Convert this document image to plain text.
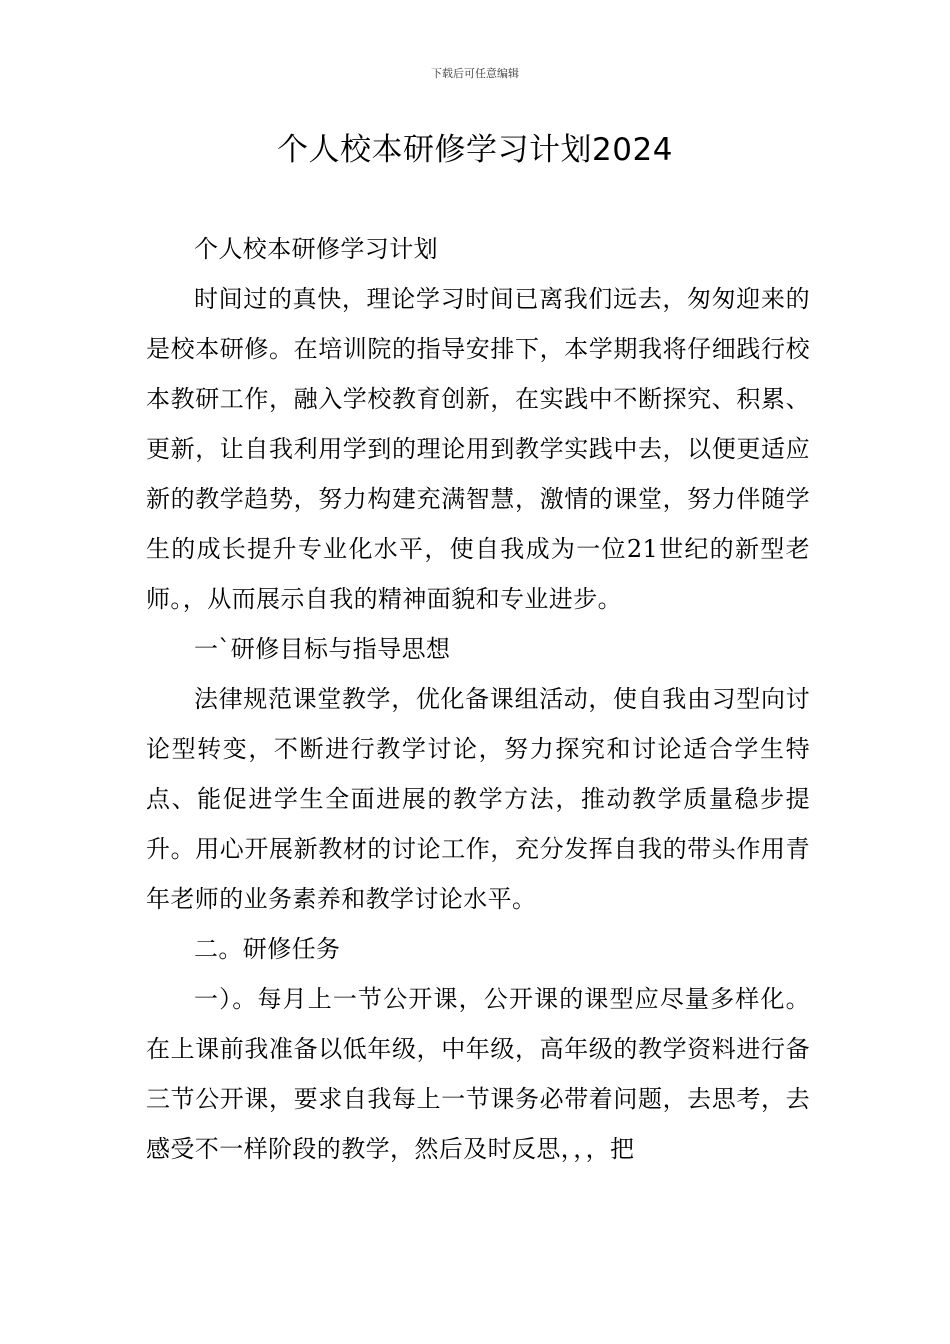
下载后可任意编辑
个人校本研修学习计划2024

个人校本研修学习计划

时间过的真快，理论学习时间已离我们远去，匆匆迎来的是校本研修。在培训院的指导安排下，本学期我将仔细践行校本教研工作，融入学校教育创新，在实践中不断探究、积累、更新，让自我利用学到的理论用到教学实践中去，以便更适应新的教学趋势，努力构建充满智慧，激情的课堂，努力伴随学生的成长提升专业化水平，使自我成为一位21世纪的新型老师。，从而展示自我的精神面貌和专业进步。

一`研修目标与指导思想

法律规范课堂教学，优化备课组活动，使自我由习型向讨论型转变，不断进行教学讨论，努力探究和讨论适合学生特点、能促进学生全面进展的教学方法，推动教学质量稳步提升。用心开展新教材的讨论工作，充分发挥自我的带头作用青年老师的业务素养和教学讨论水平。

二。研修任务

一）。每月上一节公开课，公开课的课型应尽量多样化。在上课前我准备以低年级，中年级，高年级的教学资料进行备三节公开课，要求自我每上一节课务必带着问题，去思考，去感受不一样阶段的教学，然后及时反思，，，把
